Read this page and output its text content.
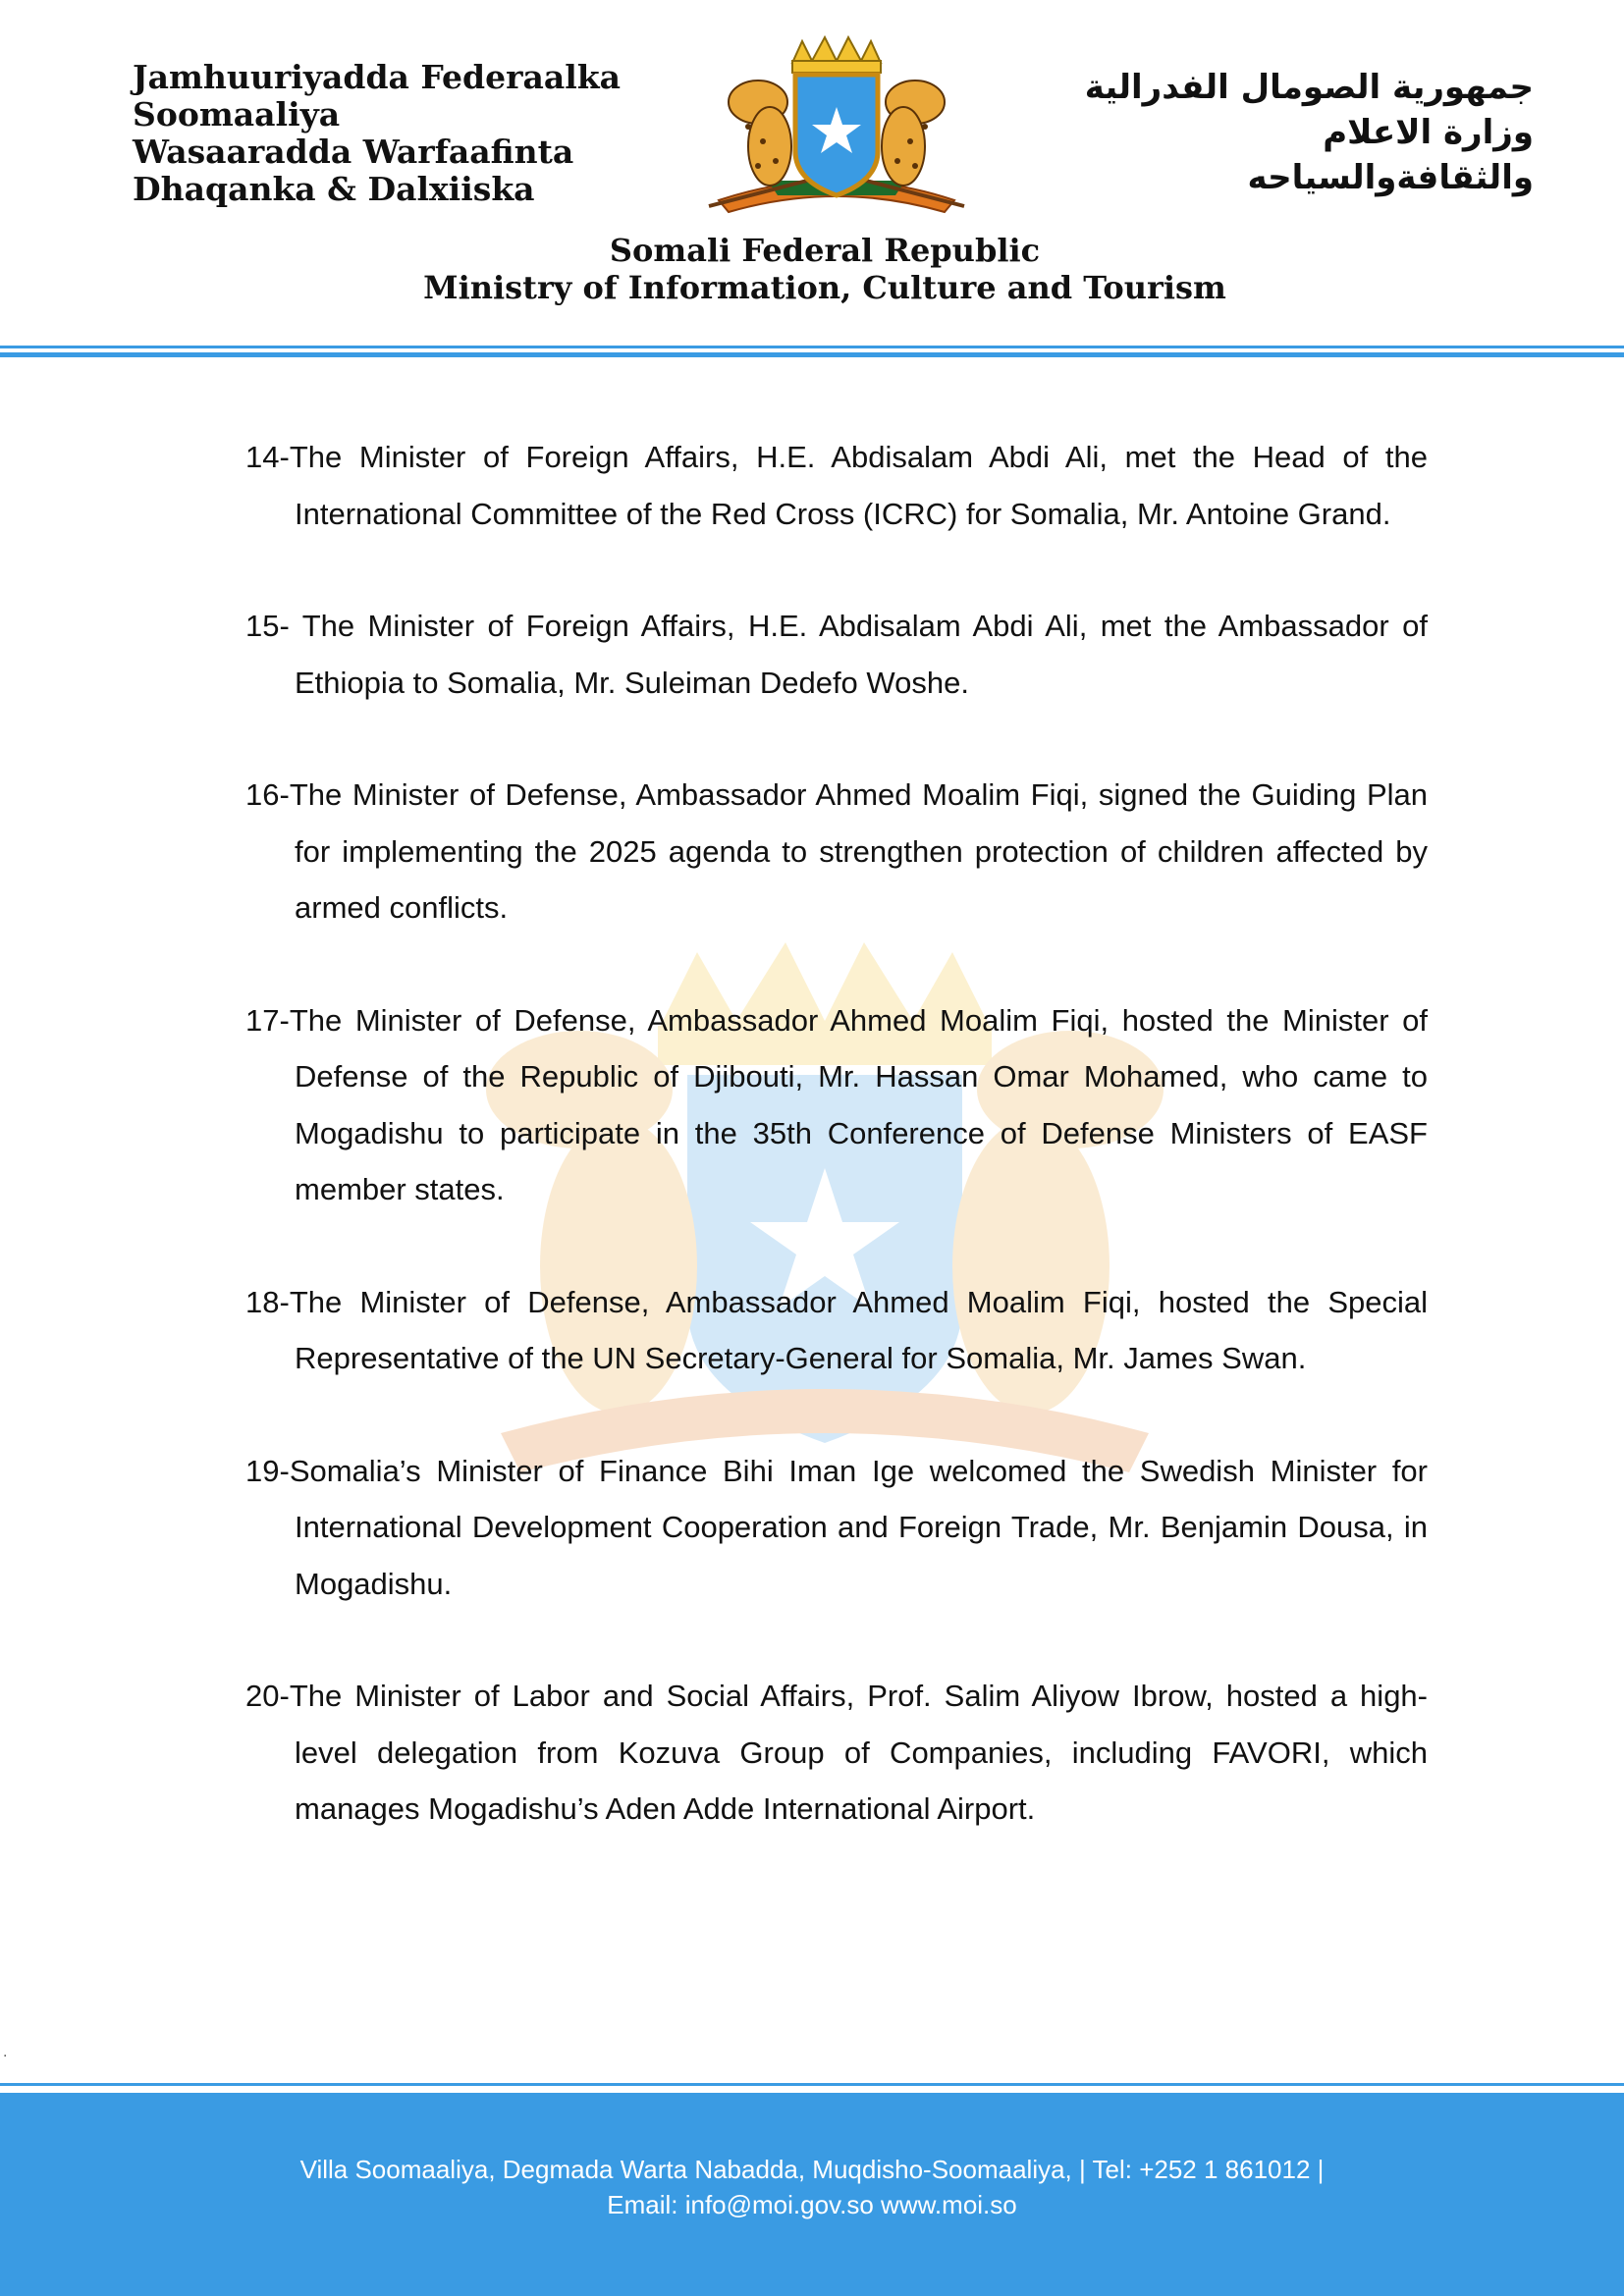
Jamhuuriyadda Federaalka
Soomaaliya
Wasaaradda Warfaafinta
Dhaqanka & Dalxiiska
جمهورية الصومال الفدرالية
وزارة الاعلام
والثقافةوالسياحه
Somali Federal Republic
Ministry of Information, Culture and Tourism

14-The Minister of Foreign Affairs, H.E. Abdisalam Abdi Ali, met the Head of the International Committee of the Red Cross (ICRC) for Somalia, Mr. Antoine Grand.

15- The Minister of Foreign Affairs, H.E. Abdisalam Abdi Ali, met the Ambassador of Ethiopia to Somalia, Mr. Suleiman Dedefo Woshe.

16-The Minister of Defense, Ambassador Ahmed Moalim Fiqi, signed the Guiding Plan for implementing the 2025 agenda to strengthen protection of children affected by armed conflicts.

17-The Minister of Defense, Ambassador Ahmed Moalim Fiqi, hosted the Minister of Defense of the Republic of Djibouti, Mr. Hassan Omar Mohamed, who came to Mogadishu to participate in the 35th Conference of Defense Ministers of EASF member states.

18-The Minister of Defense, Ambassador Ahmed Moalim Fiqi, hosted the Special Representative of the UN Secretary-General for Somalia, Mr. James Swan.

19-Somalia’s Minister of Finance Bihi Iman Ige welcomed the Swedish Minister for International Development Cooperation and Foreign Trade, Mr. Benjamin Dousa, in Mogadishu.

20-The Minister of Labor and Social Affairs, Prof. Salim Aliyow Ibrow, hosted a high-level delegation from Kozuva Group of Companies, including FAVORI, which manages Mogadishu’s Aden Adde International Airport.

.
Villa Soomaaliya, Degmada Warta Nabadda, Muqdisho-Soomaaliya, | Tel: +252 1 861012 |
Email: info@moi.gov.so www.moi.so
